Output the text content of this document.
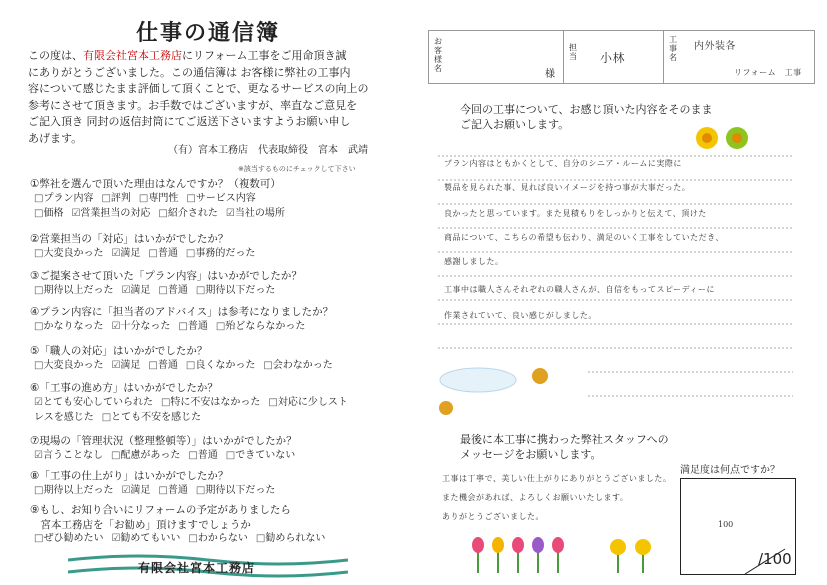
仕事の通信簿
この度は、有限会社宮本工務店にリフォーム工事をご用命頂き誠
にありがとうございました。この通信簿は お客様に弊社の工事内
容について感じたまま評価して頂くことで、更なるサービスの向上の
参考にさせて頂きます。お手数ではございますが、率直なご意見を
ご記入頂き 同封の返信封筒にてご返送下さいますようお願い申し
あげます。
（有）宮本工務店　代表取締役　宮本　武靖
※該当するものにチェックして下さい
①弊社を選んで頂いた理由はなんですか？（複数可）
□ プラン内容 □ 評判 □ 専門性 □ サービス内容
□ 価格 ☑ 営業担当の対応 □ 紹介された ☑ 当社の場所
②営業担当の「対応」はいかがでしたか？
□ 大変良かった ☑ 満足 □ 普通 □ 事務的だった
③ご提案させて頂いた「プラン内容」はいかがでしたか？
□ 期待以上だった ☑ 満足 □ 普通 □ 期待以下だった
④プラン内容に「担当者のアドバイス」は参考になりましたか？
□ かなりなった ☑ 十分なった □ 普通 □ 殆どならなかった
⑤「職人の対応」はいかがでしたか？
□ 大変良かった ☑ 満足 □ 普通 □ 良くなかった □ 会わなかった
⑥「工事の進め方」はいかがでしたか？
☑ とても安心していられた □ 特に不安はなかった □ 対応に少しスト
レスを感じた □ とても不安を感じた
⑦現場の「管理状況（整理整頓等）」はいかがでしたか？
☑ 言うことなし □ 配慮があった □ 普通 □ できていない
⑧「工事の仕上がり」はいかがでしたか？
□ 期待以上だった ☑ 満足 □ 普通 □ 期待以下だった
⑨もし、お知り合いにリフォームの予定がありましたら
　宮本工務店を「お勧め」頂けますでしょうか
□ ぜひ勧めたい ☑ 勧めてもいい □ わからない □ 勧められない
有限会社宮本工務店
お客様名
様
担当 小林
工事名
内外装各
リフォーム　工事
今回の工事について、お感じ頂いた内容をそのまま
ご記入お願いします。
プラン内容はともかくとして、自分のシニア・ルームに実際に
製品を見られた事、見れば良いイメージを持つ事が大事だった。
良かったと思っています。また見積もりをしっかりと伝えて、頂けた
商品について、こちらの希望も伝わり、満足のいく工事をしていただき、
感謝しました。
工事中は職人さんそれぞれの職人さんが、自信をもってスピーディーに
作業されていて、良い感じがしました。
最後に本工事に携わった弊社スタッフへの
メッセージをお願いします。
工事は丁寧で、美しい仕上がりにありがとうございました。
また機会があれば、よろしくお願いいたします。
ありがとうございました。
満足度は何点ですか？
100
/100
